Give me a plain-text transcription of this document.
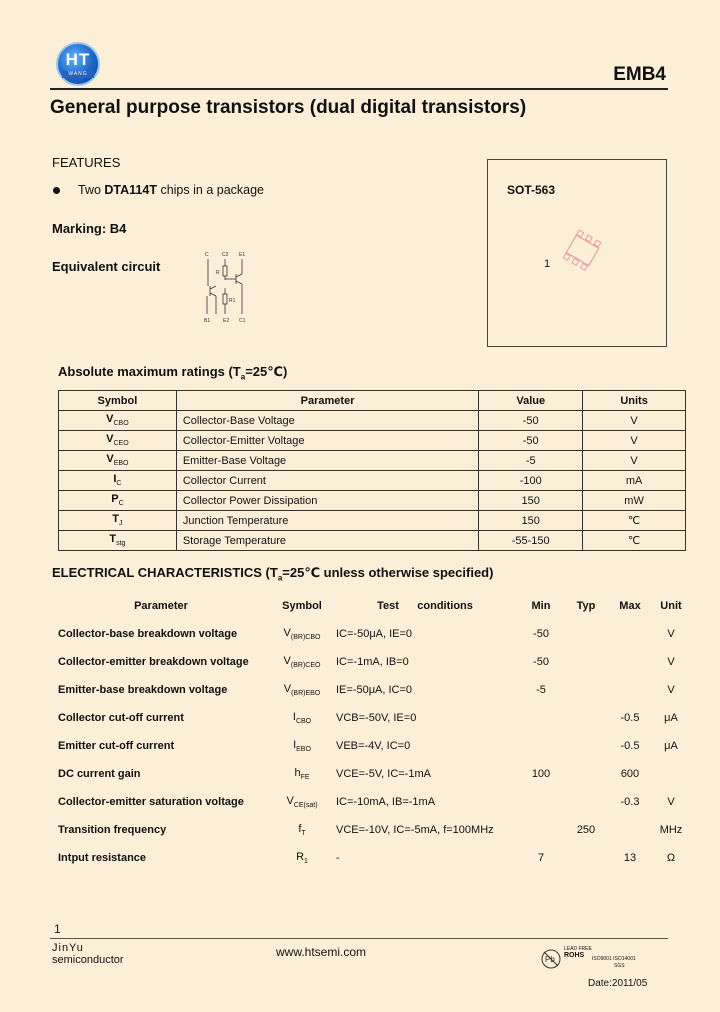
HT
WANG	EMB4
General purpose transistors (dual digital transistors)
FEATURES
Two DTA114T chips in a package
Marking: B4
Equivalent circuit
C	C2 E1
B1	E2 C1
R
R1
SOT-563
1
Absolute maximum ratings $(T_a=25℃)$
Symbol	Parameter	Value	Units
$V_{CBO}$	Collector-Base Voltage	-50	V
$V_{CEO}$	Collector-Emitter Voltage	-50	V
$V_{EBO}$	Emitter-Base Voltage	-5	V
$I_C$	Collector Current	-100	mA
$P_C$	Collector Power Dissipation	150	mW
$T_J$	Junction Temperature	150	℃
$T_{stg}$	Storage Temperature	-55-150	℃
ELECTRICAL CHARACTERISTICS ($T_a=25℃$ unless otherwise specified)
Parameter	Symbol	Test      conditions	Min	Typ	Max	Unit
Collector-base breakdown voltage	$V_{(BR)CBO}$	IC=-50μA, IE=0	-50			V
Collector-emitter breakdown voltage	$V_{(BR)CEO}$	IC=-1mA, IB=0	-50			V
Emitter-base breakdown voltage	$V_{(BR)EBO}$	IE=-50μA, IC=0	-5			V
Collector cut-off current	$I_{CBO}$	VCB=-50V, IE=0			-0.5	μA
Emitter cut-off current	$I_{EBO}$	VEB=-4V, IC=0			-0.5	μA
DC current gain	$h_{FE}$	VCE=-5V, IC=-1mA	100		600	
Collector-emitter saturation voltage	$V_{CE(sat)}$	IC=-10mA, IB=-1mA			-0.3	V
Transition frequency	$f_T$	VCE=-10V, IC=-5mA, f=100MHz		250		MHz
Intput resistance	$R_1$	-	7		13	Ω
1
JinYu
semiconductor
www.htsemi.com
Pb
LEAD FREE
ROHS ISO9001 ISO14001
SGS
Date:2011/05
